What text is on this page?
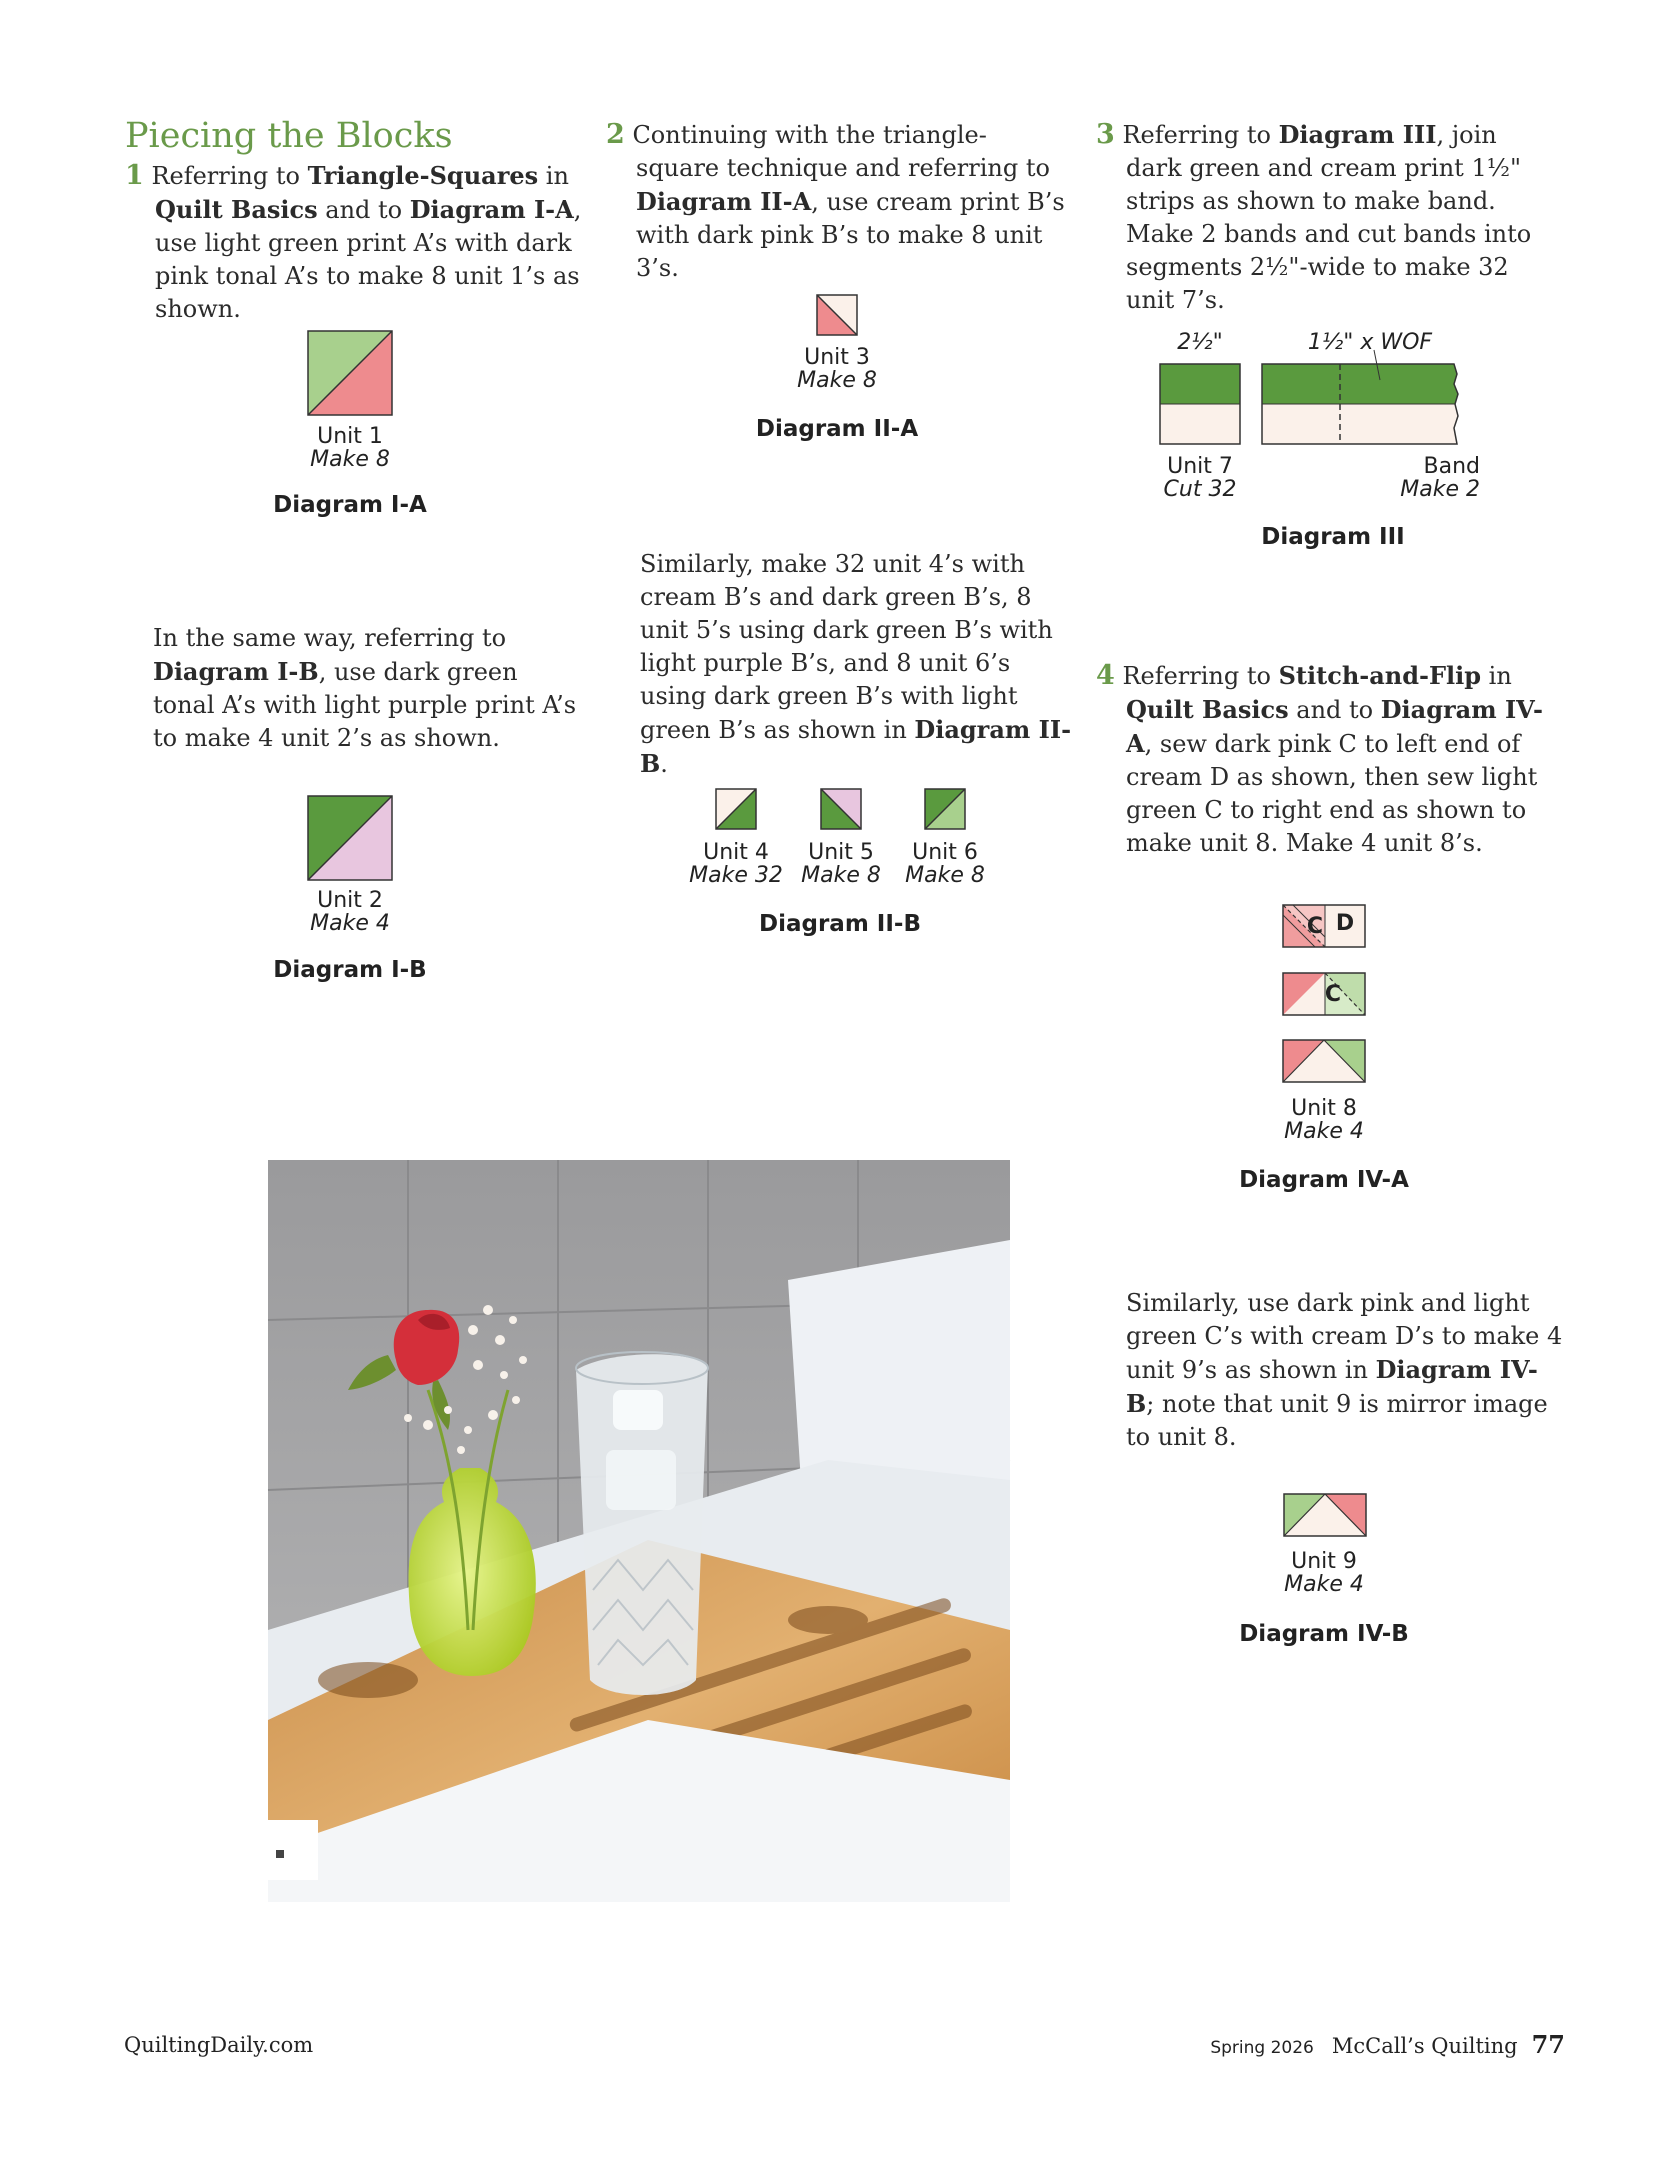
Piecing the Blocks

1 Referring to Triangle-Squares in Quilt Basics and to Diagram I-A, use light green print A’s with dark pink tonal A’s to make 8 unit 1’s as shown.

Unit 1
Make 8
Diagram I-A

In the same way, referring to Diagram I-B, use dark green tonal A’s with light purple print A’s to make 4 unit 2’s as shown.

Unit 2
Make 4
Diagram I-B

2 Continuing with the triangle-square technique and referring to Diagram II-A, use cream print B’s with dark pink B’s to make 8 unit 3’s.

Unit 3
Make 8
Diagram II-A

Similarly, make 32 unit 4’s with cream B’s and dark green B’s, 8 unit 5’s using dark green B’s with light purple B’s, and 8 unit 6’s using dark green B’s with light green B’s as shown in Diagram II-B.

Unit 4
Make 32
Unit 5
Make 8
Unit 6
Make 8
Diagram II-B

3 Referring to Diagram III, join dark green and cream print 1½" strips as shown to make band. Make 2 bands and cut bands into segments 2½"-wide to make 32 unit 7’s.

2½"	1½" x WOF
Unit 7
Cut 32
Band
Make 2
Diagram III

4 Referring to Stitch-and-Flip in Quilt Basics and to Diagram IV-A, sew dark pink C to left end of cream D as shown, then sew light green C to right end as shown to make unit 8. Make 4 unit 8’s.

C D
C
Unit 8
Make 4
Diagram IV-A

Similarly, use dark pink and light green C’s with cream D’s to make 4 unit 9’s as shown in Diagram IV-B; note that unit 9 is mirror image to unit 8.

Unit 9
Make 4
Diagram IV-B
QuiltingDaily.com	Spring 2026 McCall’s Quilting 77
